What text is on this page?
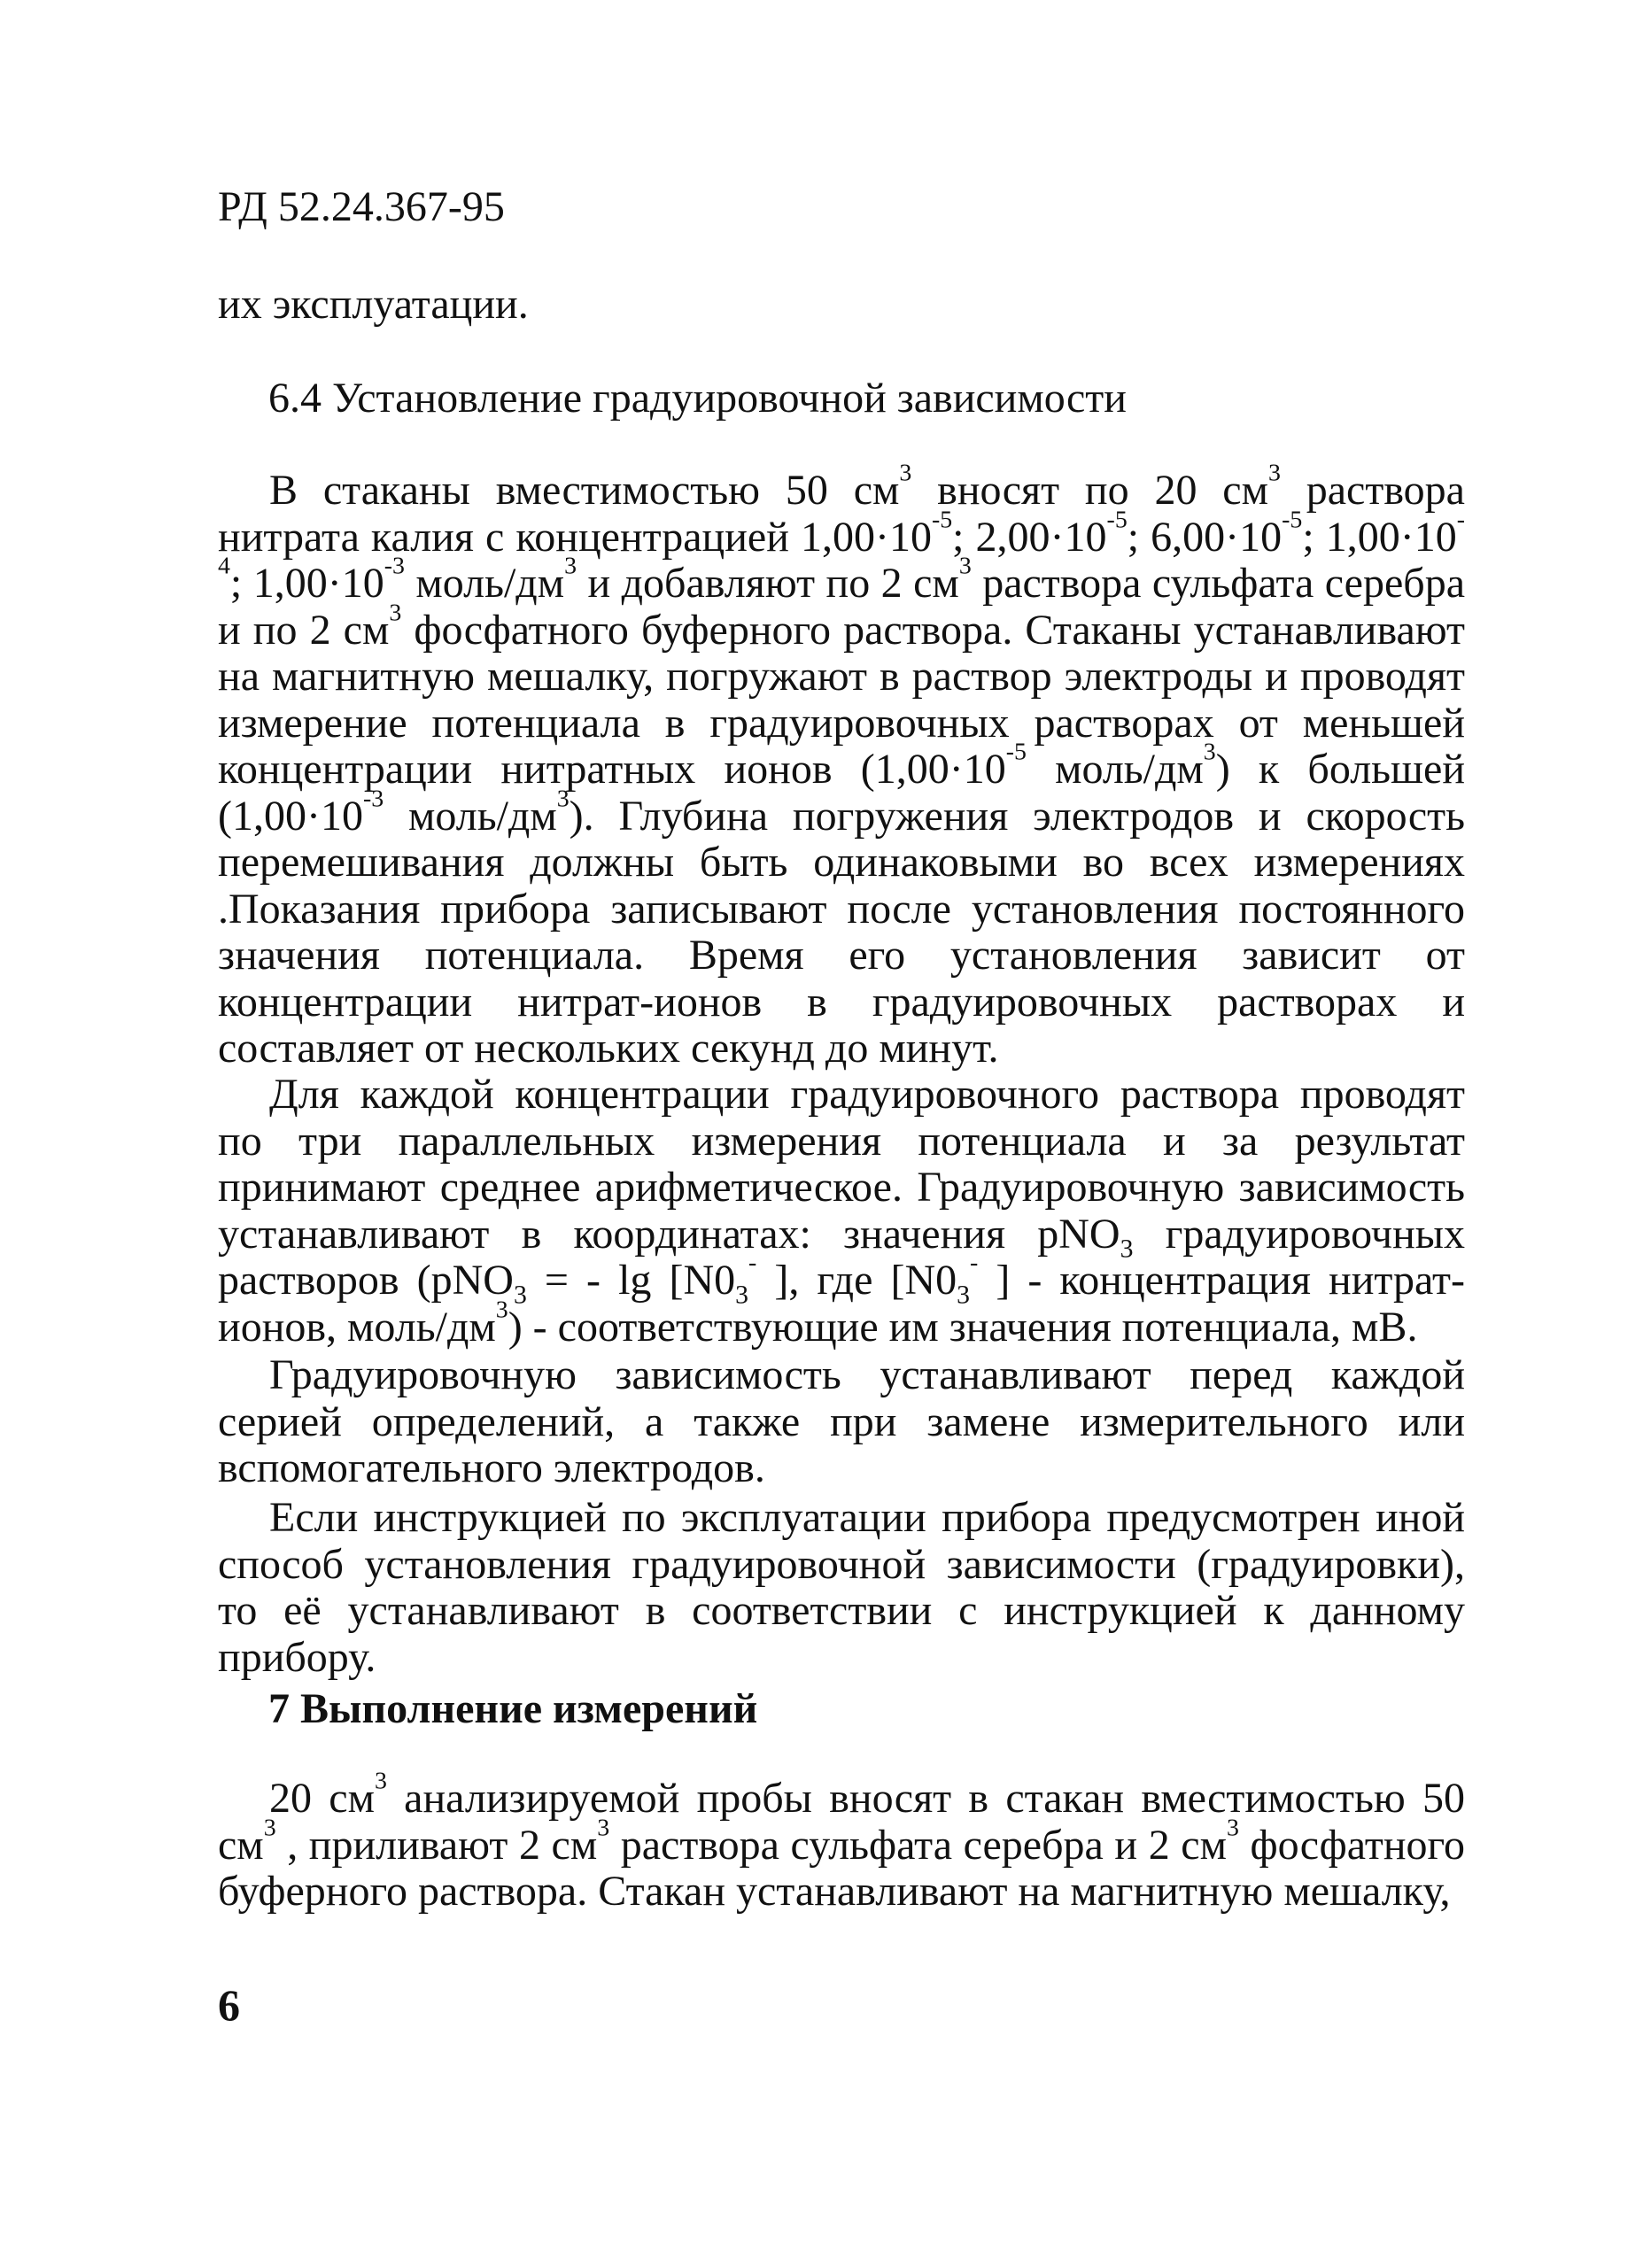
РД 52.24.367-95
их эксплуатации.
6.4 Установление градуировочной зависимости

В стаканы вместимостью 50 $см^3$ вносят по 20 $см^3$ раствора нитрата калия с концентрацией $1,00\cdot 10^{-5}$; $2,00\cdot 10^{-5}$; $6,00\cdot 10^{-5}$; $1,00\cdot 10^{-4}$; $1,00\cdot 10^{-3}$ моль/$дм^3$ и добавляют по 2 $см^3$ раствора сульфата серебра и по 2 $см^3$ фосфатного буферного раствора. Стаканы устанавливают на магнитную мешалку, погружают в раствор электроды и проводят измерение потенциала в градуировочных растворах от меньшей концентрации нитратных ионов ($1,00\cdot 10^{-5}$ моль/$дм^3$) к большей ($1,00\cdot 10^{-3}$ моль/$дм^3$). Глубина погружения электродов и скорость перемешивания должны быть одинаковыми во всех измерениях .Показания прибора записывают после установления постоянного значения потенциала. Время его установления зависит от концентрации нитрат-ионов в градуировочных растворах и составляет от нескольких секунд до минут.

Для каждой концентрации градуировочного раствора проводят по три параллельных измерения потенциала и за результат принимают среднее арифметическое. Градуировочную зависимость устанавливают в координатах: значения pNO$_3$ градуировочных растворов (pNO$_3$ = - $\lg [N0_3^-$ ], где [$N0_3^-$ ] - концентрация нитрат-ионов, моль/$дм^3$) - соответствующие им значения потенциала, мВ.

Градуировочную зависимость устанавливают перед каждой серией определений, а также при замене измерительного или вспомогательного электродов.

Если инструкцией по эксплуатации прибора предусмотрен иной способ установления градуировочной зависимости (градуировки), то её устанавливают в соответствии с инструкцией к данному прибору.

7 Выполнение измерений

20 $см^3$ анализируемой пробы вносят в стакан вместимостью 50 $см^3$ , приливают 2 $см^3$ раствора сульфата серебра и 2 $см^3$ фосфатного буферного раствора. Стакан устанавливают на магнитную мешалку,

6
